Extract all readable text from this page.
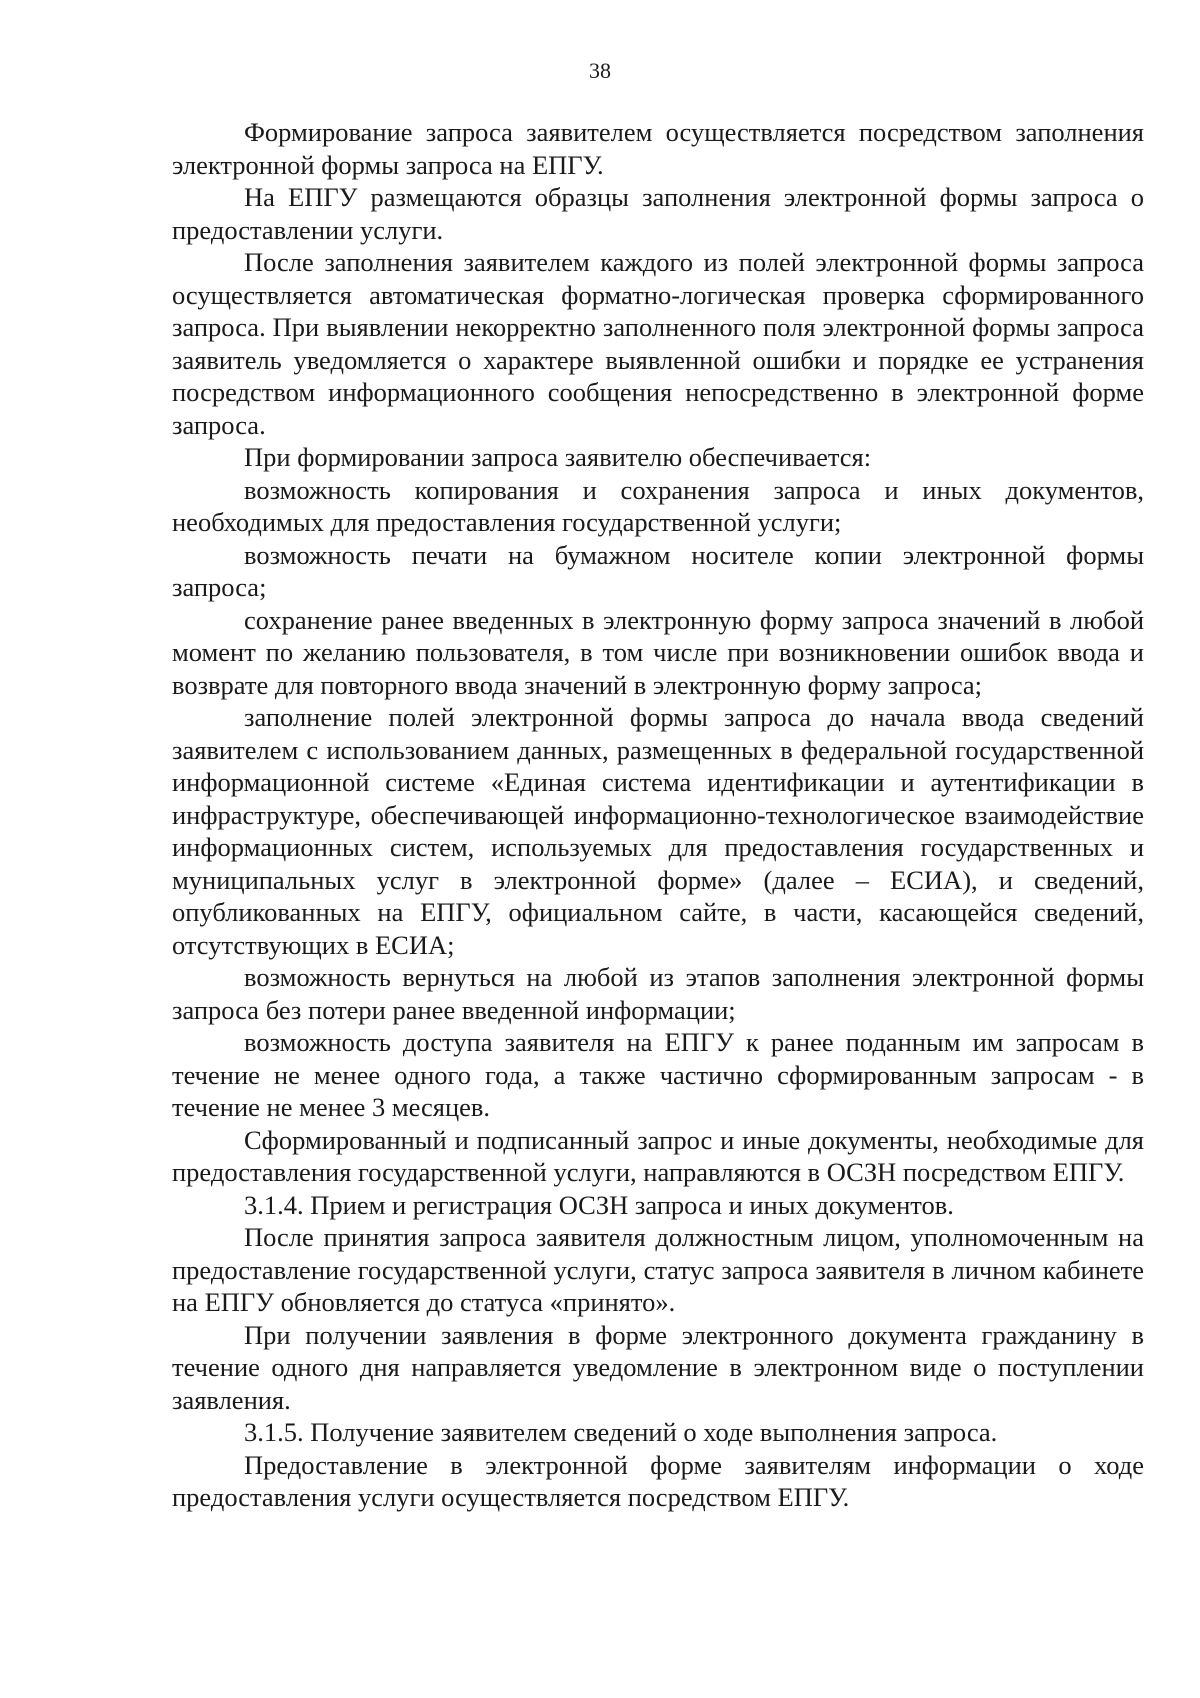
38

Формирование запроса заявителем осуществляется посредством заполнения электронной формы запроса на ЕПГУ.

На ЕПГУ размещаются образцы заполнения электронной формы запроса о предоставлении услуги.

После заполнения заявителем каждого из полей электронной формы запроса осуществляется автоматическая форматно-логическая проверка сформированного запроса. При выявлении некорректно заполненного поля электронной формы запроса заявитель уведомляется о характере выявленной ошибки и порядке ее устранения посредством информационного сообщения непосредственно в электронной форме запроса.

При формировании запроса заявителю обеспечивается:

возможность копирования и сохранения запроса и иных документов, необходимых для предоставления государственной услуги;

возможность печати на бумажном носителе копии электронной формы запроса;

сохранение ранее введенных в электронную форму запроса значений в любой момент по желанию пользователя, в том числе при возникновении ошибок ввода и возврате для повторного ввода значений в электронную форму запроса;

заполнение полей электронной формы запроса до начала ввода сведений заявителем с использованием данных, размещенных в федеральной государственной информационной системе «Единая система идентификации и аутентификации в инфраструктуре, обеспечивающей информационно-технологическое взаимодействие информационных систем, используемых для предоставления государственных и муниципальных услуг в электронной форме» (далее – ЕСИА), и сведений, опубликованных на ЕПГУ, официальном сайте, в части, касающейся сведений, отсутствующих в ЕСИА;

возможность вернуться на любой из этапов заполнения электронной формы запроса без потери ранее введенной информации;

возможность доступа заявителя на ЕПГУ к ранее поданным им запросам в течение не менее одного года, а также частично сформированным запросам - в течение не менее 3 месяцев.

Сформированный и подписанный запрос и иные документы, необходимые для предоставления государственной услуги, направляются в ОСЗН посредством ЕПГУ.

3.1.4. Прием и регистрация ОСЗН запроса и иных документов.

После принятия запроса заявителя должностным лицом, уполномоченным на предоставление государственной услуги, статус запроса заявителя в личном кабинете на ЕПГУ обновляется до статуса «принято».

При получении заявления в форме электронного документа гражданину в течение одного дня направляется уведомление в электронном виде о поступлении заявления.

3.1.5. Получение заявителем сведений о ходе выполнения запроса.

Предоставление в электронной форме заявителям информации о ходе предоставления услуги осуществляется посредством ЕПГУ.
